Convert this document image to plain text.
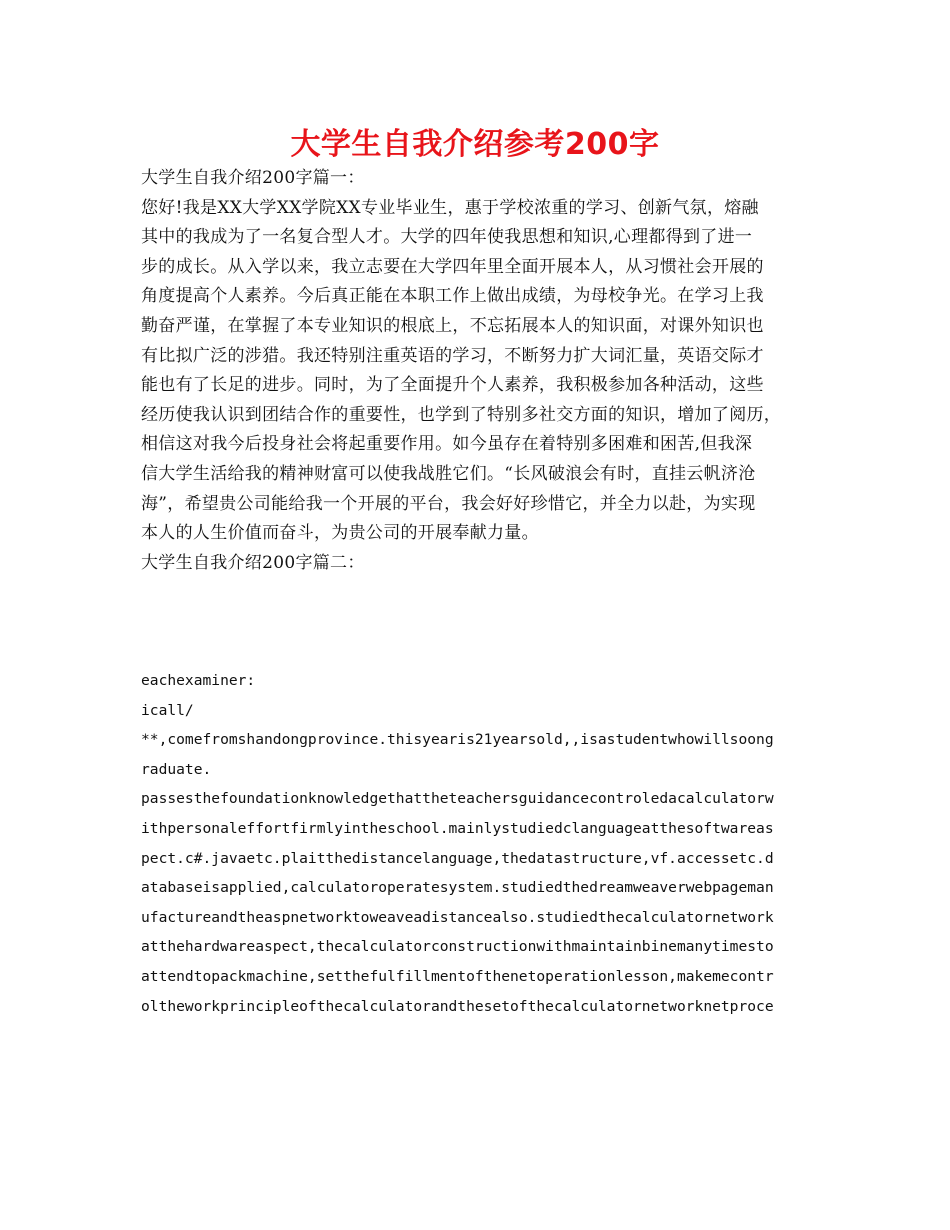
大学生自我介绍参考200字
大学生自我介绍200字篇一：
您好!我是XX大学XX学院XX专业毕业生，惠于学校浓重的学习、创新气氛，熔融
其中的我成为了一名复合型人才。大学的四年使我思想和知识,心理都得到了进一
步的成长。从入学以来，我立志要在大学四年里全面开展本人，从习惯社会开展的
角度提高个人素养。今后真正能在本职工作上做出成绩，为母校争光。在学习上我
勤奋严谨，在掌握了本专业知识的根底上，不忘拓展本人的知识面，对课外知识也
有比拟广泛的涉猎。我还特别注重英语的学习，不断努力扩大词汇量，英语交际才
能也有了长足的进步。同时，为了全面提升个人素养，我积极参加各种活动，这些
经历使我认识到团结合作的重要性，也学到了特别多社交方面的知识，增加了阅历，
相信这对我今后投身社会将起重要作用。如今虽存在着特别多困难和困苦,但我深
信大学生活给我的精神财富可以使我战胜它们。“长风破浪会有时，直挂云帆济沧
海”，希望贵公司能给我一个开展的平台，我会好好珍惜它，并全力以赴，为实现
本人的人生价值而奋斗，为贵公司的开展奉献力量。
大学生自我介绍200字篇二：
eachexaminer:
icall/
**,comefromshandongprovince.thisyearis21yearsold,,isastudentwhowillsoong
raduate.
passesthefoundationknowledgethattheteachersguidancecontroledacalculatorw
ithpersonaleffortfirmlyintheschool.mainlystudiedclanguageatthesoftwareas
pect.c#.javaetc.plaitthedistancelanguage,thedatastructure,vf.accessetc.d
atabaseisapplied,calculatoroperatesystem.studiedthedreamweaverwebpageman
ufactureandtheaspnetworktoweaveadistancealso.studiedthecalculatornetwork
atthehardwareaspect,thecalculatorconstructionwithmaintainbinemanytimesto
attendtopackmachine,setthefulfillmentofthenetoperationlesson,makemecontr
oltheworkprincipleofthecalculatorandthesetofthecalculatornetworknetproce
